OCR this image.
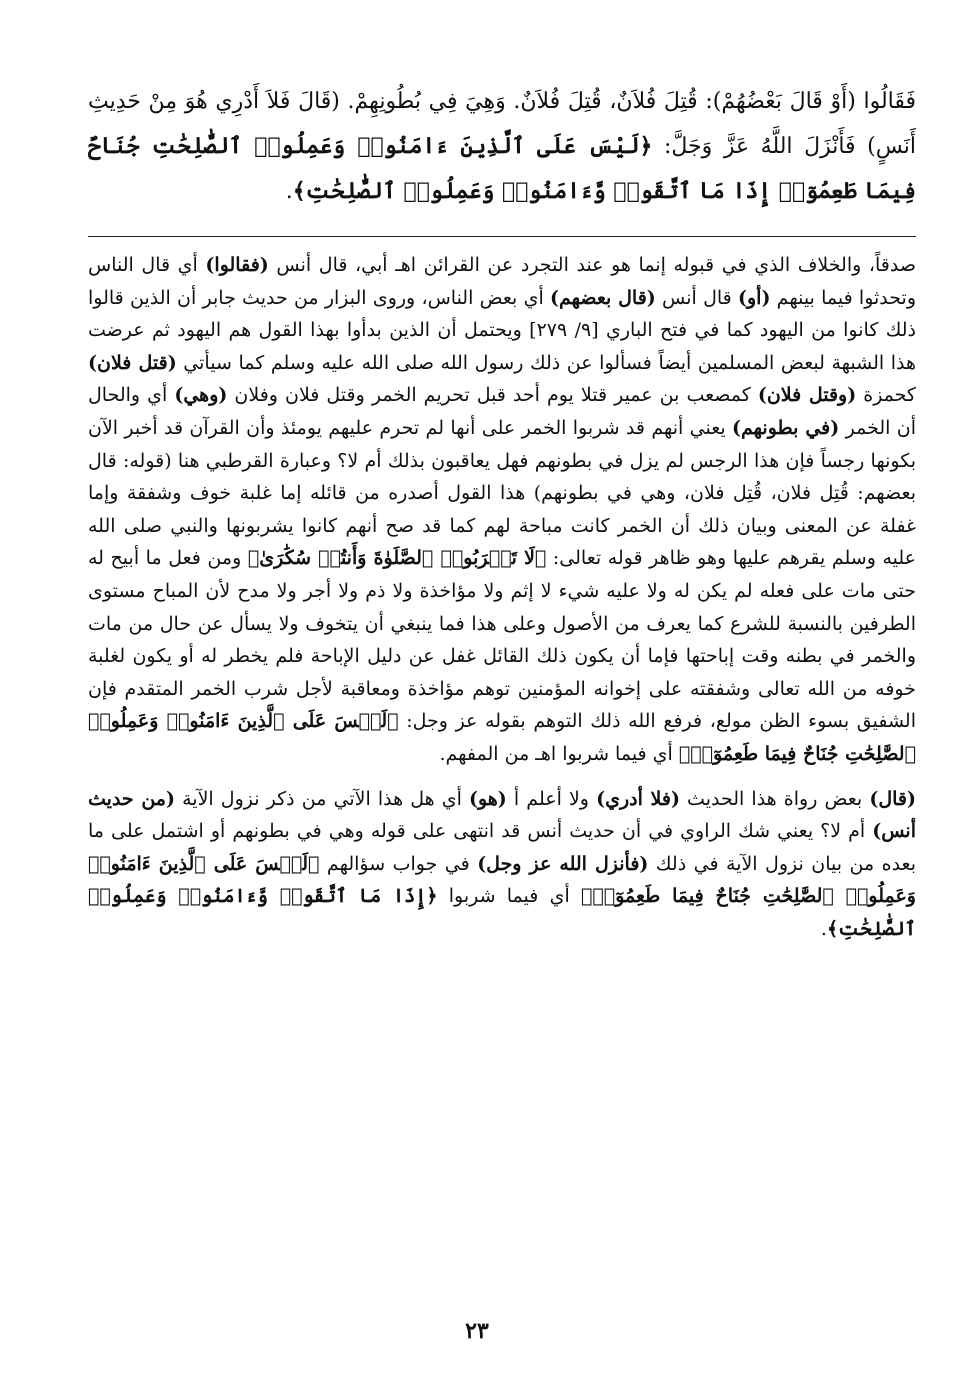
فَقَالُوا (أَوْ قَالَ بَعْضُهُمْ): قُتِلَ فُلاَنٌ، قُتِلَ فُلاَنٌ. وَهِيَ فِي بُطُونِهِمْ. (قَالَ فَلاَ أَدْرِي هُوَ مِنْ حَدِيثِ أَنَسٍ) فَأَنْزَلَ اللَّهُ عَزَّ وَجَلَّ: ﴿لَيْسَ عَلَى ٱلَّذِينَ ءَامَنُوا۟ وَعَمِلُوا۟ ٱلصَّٰلِحَٰتِ جُنَاحٌ فِيمَا طَعِمُوٓا۟ إِذَا مَا ٱتَّقَوا۟ وَّءَامَنُوا۟ وَعَمِلُوا۟ ٱلصَّٰلِحَٰتِ﴾.

صدقاً، والخلاف الذي في قبوله إنما هو عند التجرد عن القرائن اهـ أبي، قال أنس (فقالوا) أي قال الناس وتحدثوا فيما بينهم (أو) قال أنس (قال بعضهم) أي بعض الناس، وروى البزار من حديث جابر أن الذين قالوا ذلك كانوا من اليهود كما في فتح الباري [٩/ ٢٧٩] ويحتمل أن الذين بدأوا بهذا القول هم اليهود ثم عرضت هذا الشبهة لبعض المسلمين أيضاً فسألوا عن ذلك رسول الله صلى الله عليه وسلم كما سيأتي (قتل فلان) كحمزة (وقتل فلان) كمصعب بن عمير قتلا يوم أحد قبل تحريم الخمر وقتل فلان وفلان (وهي) أي والحال أن الخمر (في بطونهم) يعني أنهم قد شربوا الخمر على أنها لم تحرم عليهم يومئذ وأن القرآن قد أخبر الآن بكونها رجساً فإن هذا الرجس لم يزل في بطونهم فهل يعاقبون بذلك أم لا؟ وعبارة القرطبي هنا (قوله: قال بعضهم: قُتِل فلان، قُتِل فلان، وهي في بطونهم) هذا القول أصدره من قائله إما غلبة خوف وشفقة وإما غفلة عن المعنى وبيان ذلك أن الخمر كانت مباحة لهم كما قد صح أنهم كانوا يشربونها والنبي صلى الله عليه وسلم يقرهم عليها وهو ظاهر قوله تعالى: ﴿لَا تَقۡرَبُوا۟ ٱلصَّلَوٰةَ وَأَنتُمۡ سُكَٰرَىٰ﴾ ومن فعل ما أبيح له حتى مات على فعله لم يكن له ولا عليه شيء لا إثم ولا مؤاخذة ولا ذم ولا أجر ولا مدح لأن المباح مستوى الطرفين بالنسبة للشرع كما يعرف من الأصول وعلى هذا فما ينبغي أن يتخوف ولا يسأل عن حال من مات والخمر في بطنه وقت إباحتها فإما أن يكون ذلك القائل غفل عن دليل الإباحة فلم يخطر له أو يكون لغلبة خوفه من الله تعالى وشفقته على إخوانه المؤمنين توهم مؤاخذة ومعاقبة لأجل شرب الخمر المتقدم فإن الشفيق بسوء الظن مولع، فرفع الله ذلك التوهم بقوله عز وجل: ﴿لَيۡسَ عَلَى ٱلَّذِينَ ءَامَنُوا۟ وَعَمِلُوا۟ ٱلصَّٰلِحَٰتِ جُنَاحٌ فِيمَا طَعِمُوٓا۟﴾ أي فيما شربوا اهـ من المفهم.

(قال) بعض رواة هذا الحديث (فلا أدري) ولا أعلم أ (هو) أي هل هذا الآتي من ذكر نزول الآية (من حديث أنس) أم لا؟ يعني شك الراوي في أن حديث أنس قد انتهى على قوله وهي في بطونهم أو اشتمل على ما بعده من بيان نزول الآية في ذلك (فأنزل الله عز وجل) في جواب سؤالهم ﴿لَيۡسَ عَلَى ٱلَّذِينَ ءَامَنُوا۟ وَعَمِلُوا۟ ٱلصَّٰلِحَٰتِ جُنَاحٌ فِيمَا طَعِمُوٓا۟﴾ أي فيما شربوا ﴿إِذَا مَا ٱتَّقَوا۟ وَّءَامَنُوا۟ وَعَمِلُوا۟ ٱلصَّٰلِحَٰتِ﴾.

٢٣
